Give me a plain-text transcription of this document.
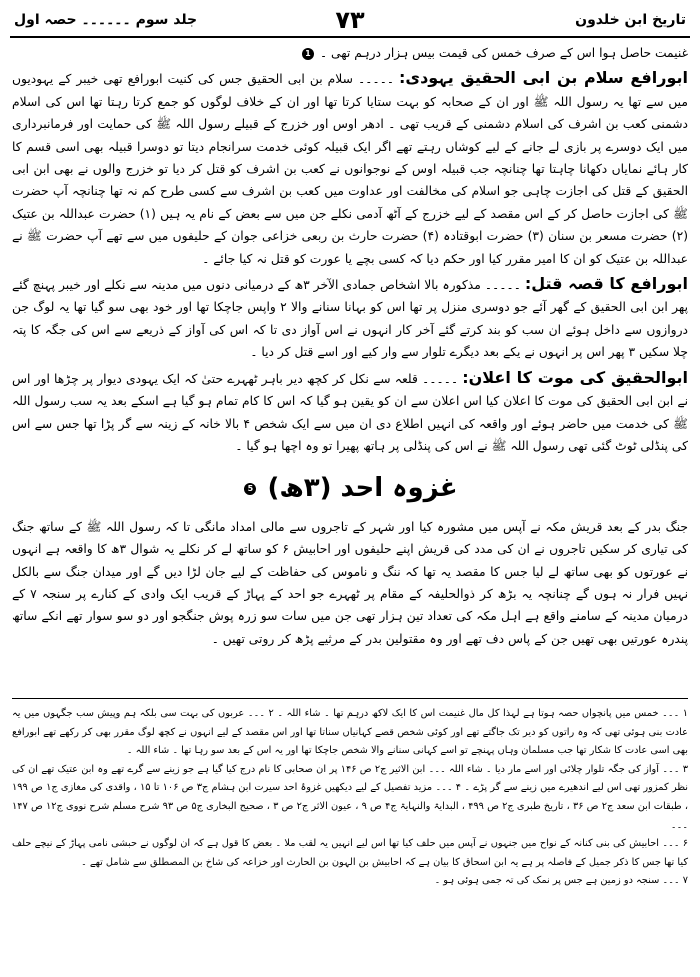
تاریخ ابن خلدون
۷۳
جلد سوم ۔۔۔۔۔۔ حصہ اول

غنیمت حاصل ہوا اس کے صرف خمس کی قیمت بیس ہزار درہم تھی ۔ 1

ابورافع سلام بن ابی الحقیق یہودی: ۔۔۔۔۔ سلام بن ابی الحقیق جس کی کنیت ابورافع تھی خیبر کے یہودیوں میں سے تھا یہ رسول اللہ ﷺ اور ان کے صحابہ کو بہت ستایا کرتا تھا اور ان کے خلاف لوگوں کو جمع کرتا رہتا تھا اس کی اسلام دشمنی کعب بن اشرف کی اسلام دشمنی کے قریب تھی ۔ ادھر اوس اور خزرج کے قبیلے رسول اللہ ﷺ کی حمایت اور فرمانبرداری میں ایک دوسرے پر بازی لے جانے کے لیے کوشاں رہتے تھے اگر ایک قبیلہ کوئی خدمت سرانجام دیتا تو دوسرا قبیلہ بھی اسی قسم کا کار ہائے نمایاں دکھانا چاہتا تھا چنانچہ جب قبیلہ اوس کے نوجوانوں نے کعب بن اشرف کو قتل کر دیا تو خزرج والوں نے بھی ابن ابی الحقیق کے قتل کی اجازت چاہی جو اسلام کی مخالفت اور عداوت میں کعب بن اشرف سے کسی طرح کم نہ تھا چنانچہ آپ حضرت ﷺ کی اجازت حاصل کر کے اس مقصد کے لیے خزرج کے آٹھ آدمی نکلے جن میں سے بعض کے نام یہ ہیں (۱) حضرت عبداللہ بن عتیک (۲) حضرت مسعر بن سنان (۳) حضرت ابوقتادہ (۴) حضرت حارث بن ربعی خزاعی جوان کے حلیفوں میں سے تھے آپ حضرت ﷺ نے عبداللہ بن عتیک کو ان کا امیر مقرر کیا اور حکم دیا کہ کسی بچے یا عورت کو قتل نہ کیا جائے ۔

ابورافع کا قصہ قتل: ۔۔۔۔۔ مذکورہ بالا اشخاص جمادی الآخر ۳ھ کے درمیانی دنوں میں مدینہ سے نکلے اور خیبر پہنچ گئے پھر ابن ابی الحقیق کے گھر آئے جو دوسری منزل پر تھا اس کو بہانا سنانے والا ۲ واپس جاچکا تھا اور خود بھی سو گیا تھا یہ لوگ جن دروازوں سے داخل ہوئے ان سب کو بند کرتے گئے آخر کار انہوں نے اس آواز دی تا کہ اس کی آواز کے ذریعے سے اس کی جگہ کا پتہ چلا سکیں ۳ پھر اس پر انہوں نے یکے بعد دیگرے تلوار سے وار کیے اور اسے قتل کر دیا ۔

ابوالحقیق کی موت کا اعلان: ۔۔۔۔۔ قلعہ سے نکل کر کچھ دیر باہر ٹھہرے حتیٰ کہ ایک یہودی دیوار پر چڑھا اور اس نے ابن ابی الحقیق کی موت کا اعلان کیا اس اعلان سے ان کو یقین ہو گیا کہ اس کا کام تمام ہو گیا ہے اسکے بعد یہ سب رسول اللہ ﷺ کی خدمت میں حاضر ہوئے اور واقعہ کی انہیں اطلاع دی ان میں سے ایک شخص ۴ بالا خانہ کے زینہ سے گر پڑا تھا جس سے اس کی پنڈلی ٹوٹ گئی تھی رسول اللہ ﷺ نے اس کی پنڈلی پر ہاتھ پھیرا تو وہ اچھا ہو گیا ۔

غزوہ احد (۳ھ) 5

جنگ بدر کے بعد قریش مکہ نے آپس میں مشورہ کیا اور شہر کے تاجروں سے مالی امداد مانگی تا کہ رسول اللہ ﷺ کے ساتھ جنگ کی تیاری کر سکیں تاجروں نے ان کی مدد کی قریش اپنے حلیفوں اور احابیش ۶ کو ساتھ لے کر نکلے یہ شوال ۳ھ کا واقعہ ہے انہوں نے عورتوں کو بھی ساتھ لے لیا جس کا مقصد یہ تھا کہ ننگ و ناموس کی حفاظت کے لیے جان لڑا دیں گے اور میدان جنگ سے بالکل نہیں فرار نہ ہوں گے چنانچہ یہ بڑھ کر ذوالحلیفہ کے مقام پر ٹھہرے جو احد کے پہاڑ کے قریب ایک وادی کے کنارے پر سنجہ ۷ کے درمیان مدینہ کے سامنے واقع ہے اہل مکہ کی تعداد تین ہزار تھی جن میں سات سو زرہ پوش جنگجو اور دو سو سوار تھے انکے ساتھ پندرہ عورتیں بھی تھیں جن کے پاس دف تھے اور وہ مقتولین بدر کے مرثیے پڑھ کر روتی تھیں ۔

۱ ۔۔۔ خمس میں پانچواں حصہ ہوتا ہے لہذا کل مال غنیمت اس کا ایک لاکھ درہم تھا ۔ شاء اللہ ۔ ۲ ۔۔۔ عربوں کی بہت سی بلکہ ہم وپیش سب جگہوں میں یہ عادت بنی ہوئی تھی کہ وہ راتوں کو دیر تک جاگتے تھے اور کوئی شخص قصے کہانیاں سناتا تھا اور اس مقصد کے لیے انہوں نے کچھ لوگ مقرر بھی کر رکھے تھے ابورافع بھی اسی عادت کا شکار تھا جب مسلمان وہاں پہنچے تو اسے کہانی سنانے والا شخص جاچکا تھا اور یہ اس کے بعد سو رہا تھا ۔ شاء اللہ ۔

۳ ۔۔۔ آواز کی جگہ تلوار چلائی اور اسے مار دیا ۔ شاء اللہ ۔۔۔ ابن الاثیر ج۲ ص ۱۴۶ پر ان صحابی کا نام درج کیا گیا ہے جو زینے سے گرے تھے وہ ابن عتیک تھے ان کی نظر کمزور تھی اس لیے اندھیرے میں زینے سے گر پڑے ۔ ۴ ۔۔۔ مزید تفصیل کے لیے دیکھیں غزوۂ احد سیرت ابن ہشام ج۳ ص ۱۰۶ تا ۱۵ ، واقدی کی مغازی ج۱ ص ۱۹۹ ، طبقات ابن سعد ج۲ ص ۳۶ ، تاریخ طبری ج۲ ص ۴۹۹ ، البدایۃ والنہایۃ ج۴ ص ۹ ، عیون الاثر ج۲ ص ۳ ، صحیح البخاری ج۵ ص ۹۳ شرح مسلم شرح نووی ج۱۲ ص ۱۴۷ ۔۔۔

۶ ۔۔۔ احابیش کی بنی کنانہ کے نواح میں جنہوں نے آپس میں حلف کیا تھا اس لیے انہیں یہ لقب ملا ۔ بعض کا قول ہے کہ ان لوگوں نے حبشی نامی پہاڑ کے نیچے حلف کیا تھا جس کا ذکر جمیل کے فاصلہ پر ہے یہ ابن اسحاق کا بیان ہے کہ احابیش بن الہون بن الحارث اور خزاعہ کی شاخ بن المصطلق سے شامل تھے ۔

۷ ۔۔۔ سنجہ دو زمین ہے جس پر نمک کی تہ جمی ہوئی ہو ۔
